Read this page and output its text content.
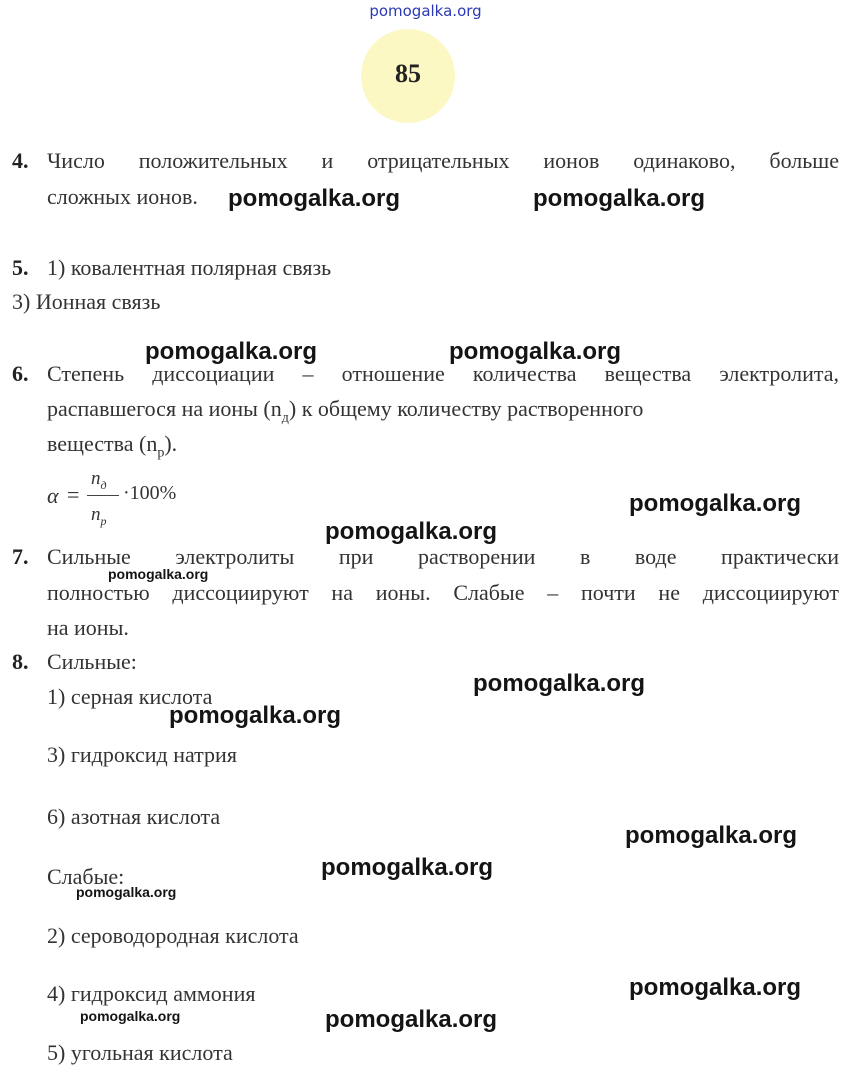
pomogalka.org
85
4. Число положительных и отрицательных ионов одинаково, больше
сложных ионов.
5. 1) ковалентная полярная связь
3) Ионная связь
6. Степень диссоциации – отношение количества вещества электролита,
распавшегося на ионы $(n_д)$ к общему количеству растворенного
вещества $(n_р)$.
α =
$n_д$
$n_р$
·100%
7. Сильные электролиты при растворении в воде практически
полностью диссоциируют на ионы. Слабые – почти не диссоциируют
на ионы.
8. Сильные:
1) серная кислота
3) гидроксид натрия
6) азотная кислота
Слабые:
2) сероводородная кислота
4) гидроксид аммония
5) угольная кислота
pomogalka.org	pomogalka.org
pomogalka.org	pomogalka.org
pomogalka.org
pomogalka.org
pomogalka.org
pomogalka.org
pomogalka.org
pomogalka.org
pomogalka.org
pomogalka.org
pomogalka.org
pomogalka.org	pomogalka.org
